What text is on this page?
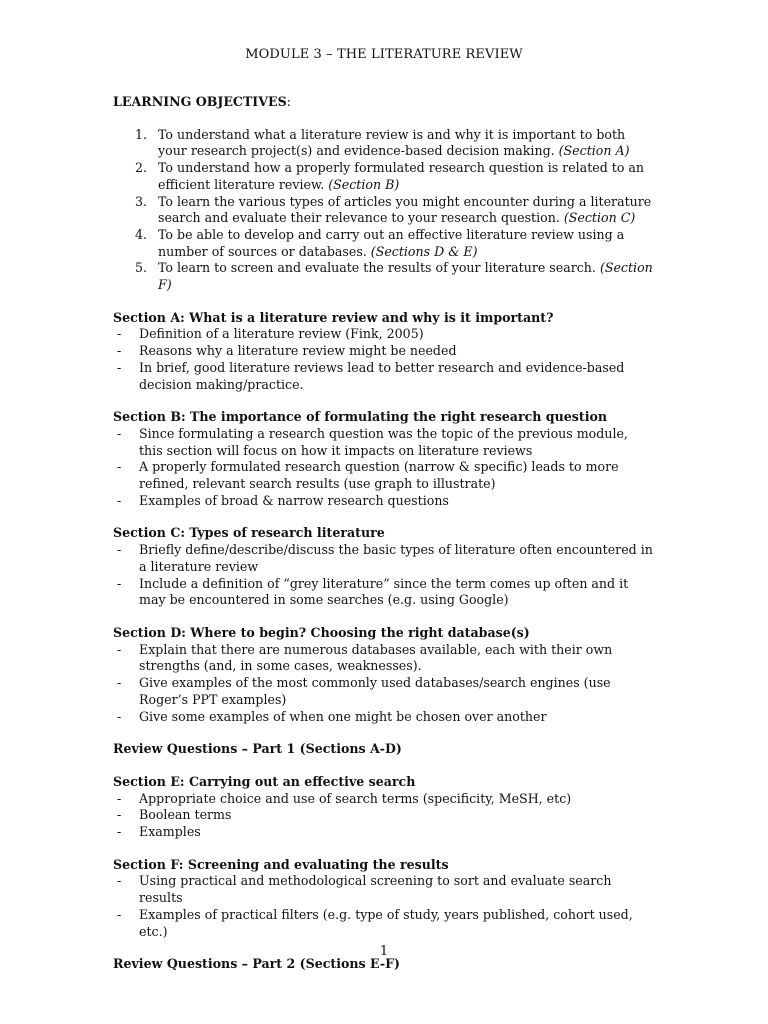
MODULE 3 – THE LITERATURE REVIEW

LEARNING OBJECTIVES:

1. To understand what a literature review is and why it is important to both your research project(s) and evidence-based decision making. (Section A)
2. To understand how a properly formulated research question is related to an efficient literature review. (Section B)
3. To learn the various types of articles you might encounter during a literature search and evaluate their relevance to your research question. (Section C)
4. To be able to develop and carry out an effective literature review using a number of sources or databases. (Sections D & E)
5. To learn to screen and evaluate the results of your literature search. (Section F)

Section A: What is a literature review and why is it important?

- Definition of a literature review (Fink, 2005)
- Reasons why a literature review might be needed
- In brief, good literature reviews lead to better research and evidence-based decision making/practice.

Section B: The importance of formulating the right research question

- Since formulating a research question was the topic of the previous module, this section will focus on how it impacts on literature reviews
- A properly formulated research question (narrow & specific) leads to more refined, relevant search results (use graph to illustrate)
- Examples of broad & narrow research questions

Section C: Types of research literature

- Briefly define/describe/discuss the basic types of literature often encountered in a literature review
- Include a definition of “grey literature” since the term comes up often and it may be encountered in some searches (e.g. using Google)

Section D: Where to begin? Choosing the right database(s)

- Explain that there are numerous databases available, each with their own strengths (and, in some cases, weaknesses).
- Give examples of the most commonly used databases/search engines (use Roger’s PPT examples)
- Give some examples of when one might be chosen over another

Review Questions – Part 1 (Sections A-D)

Section E: Carrying out an effective search

- Appropriate choice and use of search terms (specificity, MeSH, etc)
- Boolean terms
- Examples

Section F: Screening and evaluating the results

- Using practical and methodological screening to sort and evaluate search results
- Examples of practical filters (e.g. type of study, years published, cohort used, etc.)

Review Questions – Part 2 (Sections E-F)

1
